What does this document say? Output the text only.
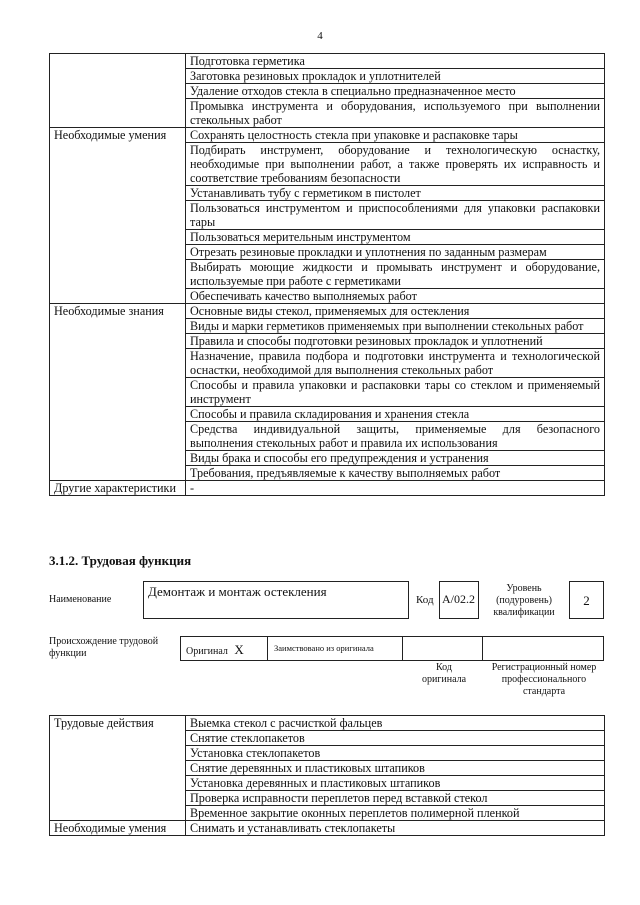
4
	Подготовка герметика
	Заготовка резиновых прокладок и уплотнителей
	Удаление отходов стекла в специально предназначенное место
	Промывка инструмента и оборудования, используемого при выполнении стекольных работ
Необходимые умения	Сохранять целостность стекла при упаковке и распаковке тары
	Подбирать инструмент, оборудование и технологическую оснастку, необходимые при выполнении работ, а также проверять их исправность и соответствие требованиям безопасности
	Устанавливать тубу с герметиком в пистолет
	Пользоваться инструментом и приспособлениями для упаковки распаковки тары
	Пользоваться мерительным инструментом
	Отрезать резиновые прокладки и уплотнения по заданным размерам
	Выбирать моющие жидкости и промывать инструмент и оборудование, используемые при работе с герметиками
	Обеспечивать качество выполняемых работ
Необходимые знания	Основные виды стекол, применяемых для остекления
	Виды и марки герметиков применяемых при выполнении стекольных работ
	Правила и способы подготовки резиновых прокладок и уплотнений
	Назначение, правила подбора и подготовки инструмента и технологической оснастки, необходимой для выполнения стекольных работ
	Способы и правила упаковки и распаковки тары со стеклом и применяемый инструмент
	Способы и правила складирования и хранения стекла
	Средства индивидуальной защиты, применяемые для безопасного выполнения стекольных работ и правила их использования
	Виды брака и способы его предупреждения и устранения
	Требования, предъявляемые к качеству выполняемых работ
Другие характеристики	-
3.1.2. Трудовая функция
Наименование
Демонтаж и монтаж остекления
Код А/02.2
Уровень (подуровень) квалификации
2
Происхождение трудовой функции	Оригинал X	Заимствовано из оригинала
Код оригинала
Регистрационный номер профессионального стандарта
Трудовые действия	Выемка стекол с расчисткой фальцев
	Снятие стеклопакетов
	Установка стеклопакетов
	Снятие деревянных и пластиковых штапиков
	Установка деревянных и пластиковых штапиков
	Проверка исправности переплетов перед вставкой стекол
	Временное закрытие оконных переплетов полимерной пленкой
Необходимые умения	Снимать и устанавливать стеклопакеты
